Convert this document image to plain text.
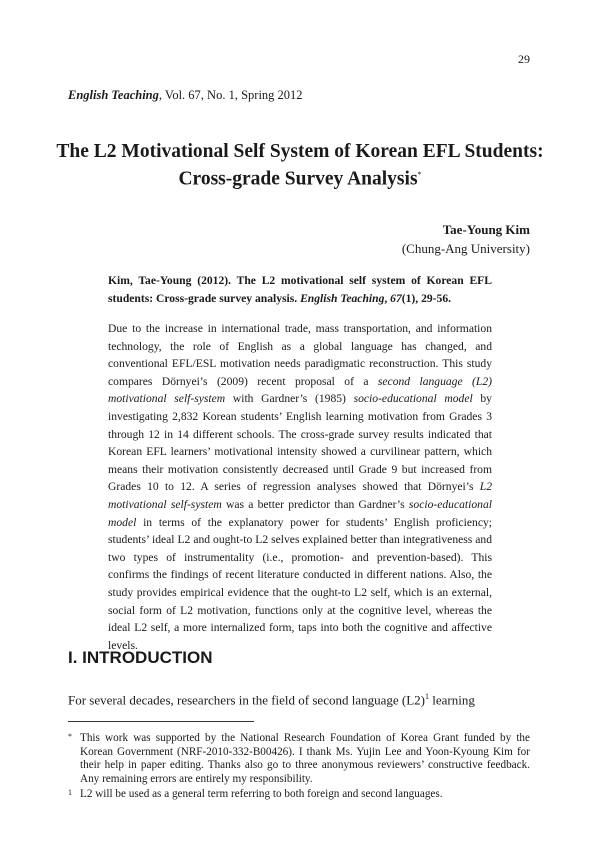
29
English Teaching, Vol. 67, No. 1, Spring 2012
The L2 Motivational Self System of Korean EFL Students:
Cross-grade Survey Analysis*
Tae-Young Kim
(Chung-Ang University)
Kim, Tae-Young (2012). The L2 motivational self system of Korean EFL students: Cross-grade survey analysis. English Teaching, 67(1), 29-56.

Due to the increase in international trade, mass transportation, and information technology, the role of English as a global language has changed, and conventional EFL/ESL motivation needs paradigmatic reconstruction. This study compares Dörnyei’s (2009) recent proposal of a second language (L2) motivational self-system with Gardner’s (1985) socio-educational model by investigating 2,832 Korean students’ English learning motivation from Grades 3 through 12 in 14 different schools. The cross-grade survey results indicated that Korean EFL learners’ motivational intensity showed a curvilinear pattern, which means their motivation consistently decreased until Grade 9 but increased from Grades 10 to 12. A series of regression analyses showed that Dörnyei’s L2 motivational self-system was a better predictor than Gardner’s socio-educational model in terms of the explanatory power for students’ English proficiency; students’ ideal L2 and ought-to L2 selves explained better than integrativeness and two types of instrumentality (i.e., promotion- and prevention-based). This confirms the findings of recent literature conducted in different nations. Also, the study provides empirical evidence that the ought-to L2 self, which is an external, social form of L2 motivation, functions only at the cognitive level, whereas the ideal L2 self, a more internalized form, taps into both the cognitive and affective levels.

I. INTRODUCTION
For several decades, researchers in the field of second language $(L2)^1$ learning

* This work was supported by the National Research Foundation of Korea Grant funded by the Korean Government (NRF-2010-332-B00426). I thank Ms. Yujin Lee and Yoon-Kyoung Kim for their help in paper editing. Thanks also go to three anonymous reviewers’ constructive feedback. Any remaining errors are entirely my responsibility.

1 L2 will be used as a general term referring to both foreign and second languages.
